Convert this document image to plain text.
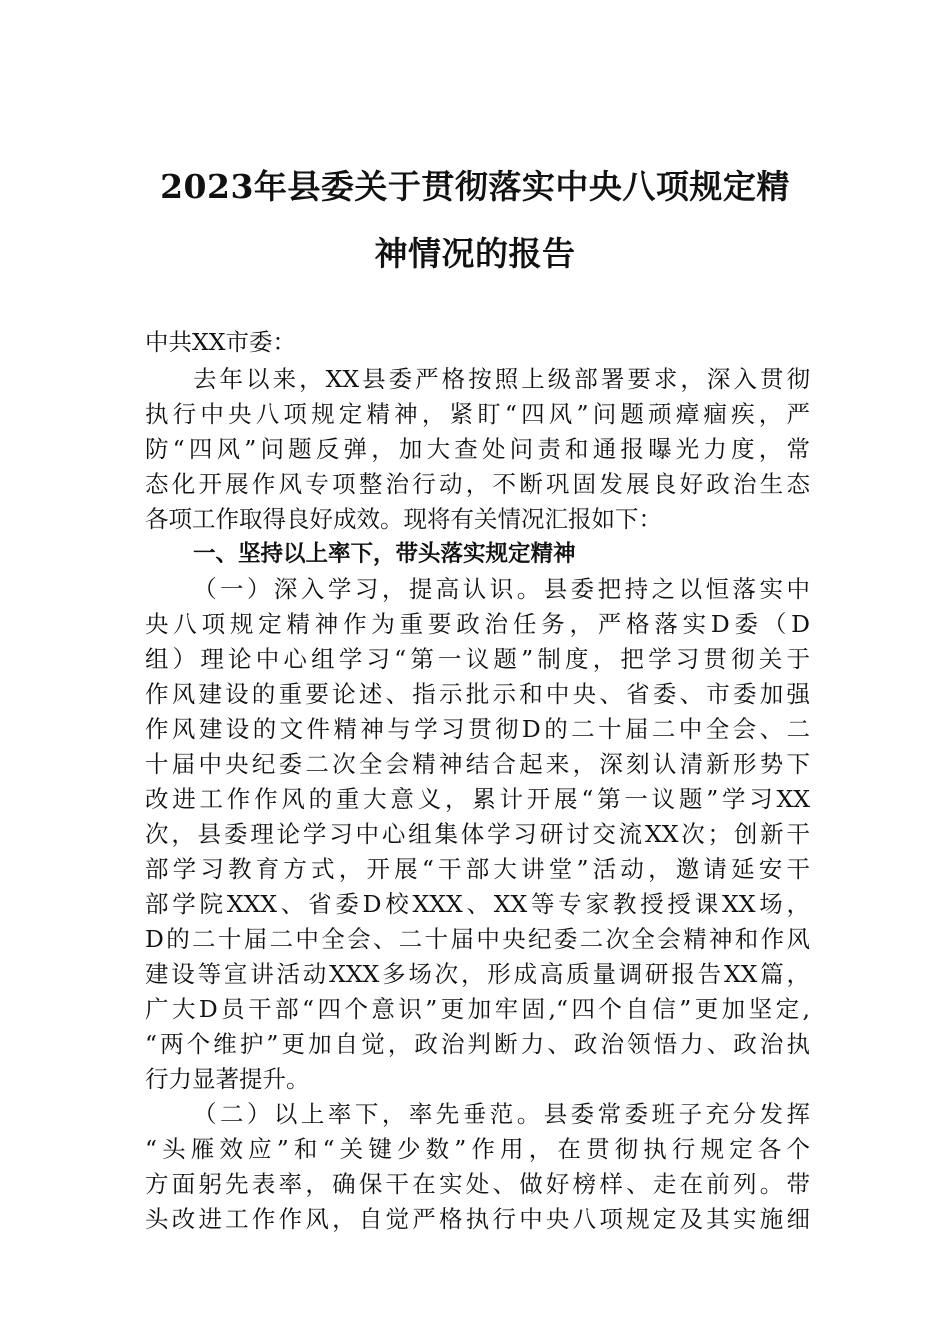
2023年县委关于贯彻落实中央八项规定精
神情况的报告
中共XX市委：
去年以来，XX县委严格按照上级部署要求，深入贯彻
执行中央八项规定精神，紧盯“四风”问题顽瘴痼疾，严
防“四风”问题反弹，加大查处问责和通报曝光力度，常
态化开展作风专项整治行动，不断巩固发展良好政治生态
各项工作取得良好成效。现将有关情况汇报如下：
一、坚持以上率下，带头落实规定精神
（一）深入学习，提高认识。县委把持之以恒落实中
央八项规定精神作为重要政治任务，严格落实D委（D
组）理论中心组学习“第一议题”制度，把学习贯彻关于
作风建设的重要论述、指示批示和中央、省委、市委加强
作风建设的文件精神与学习贯彻D的二十届二中全会、二
十届中央纪委二次全会精神结合起来，深刻认清新形势下
改进工作作风的重大意义，累计开展“第一议题”学习XX
次，县委理论学习中心组集体学习研讨交流XX次；创新干
部学习教育方式，开展“干部大讲堂”活动，邀请延安干
部学院XXX、省委D校XXX、XX等专家教授授课XX场，
D的二十届二中全会、二十届中央纪委二次全会精神和作风
建设等宣讲活动XXX多场次，形成高质量调研报告XX篇，
广大D员干部“四个意识”更加牢固,“四个自信”更加坚定,
“两个维护”更加自觉，政治判断力、政治领悟力、政治执
行力显著提升。
（二）以上率下，率先垂范。县委常委班子充分发挥
“头雁效应”和“关键少数”作用，在贯彻执行规定各个
方面躬先表率，确保干在实处、做好榜样、走在前列。带
头改进工作作风，自觉严格执行中央八项规定及其实施细
